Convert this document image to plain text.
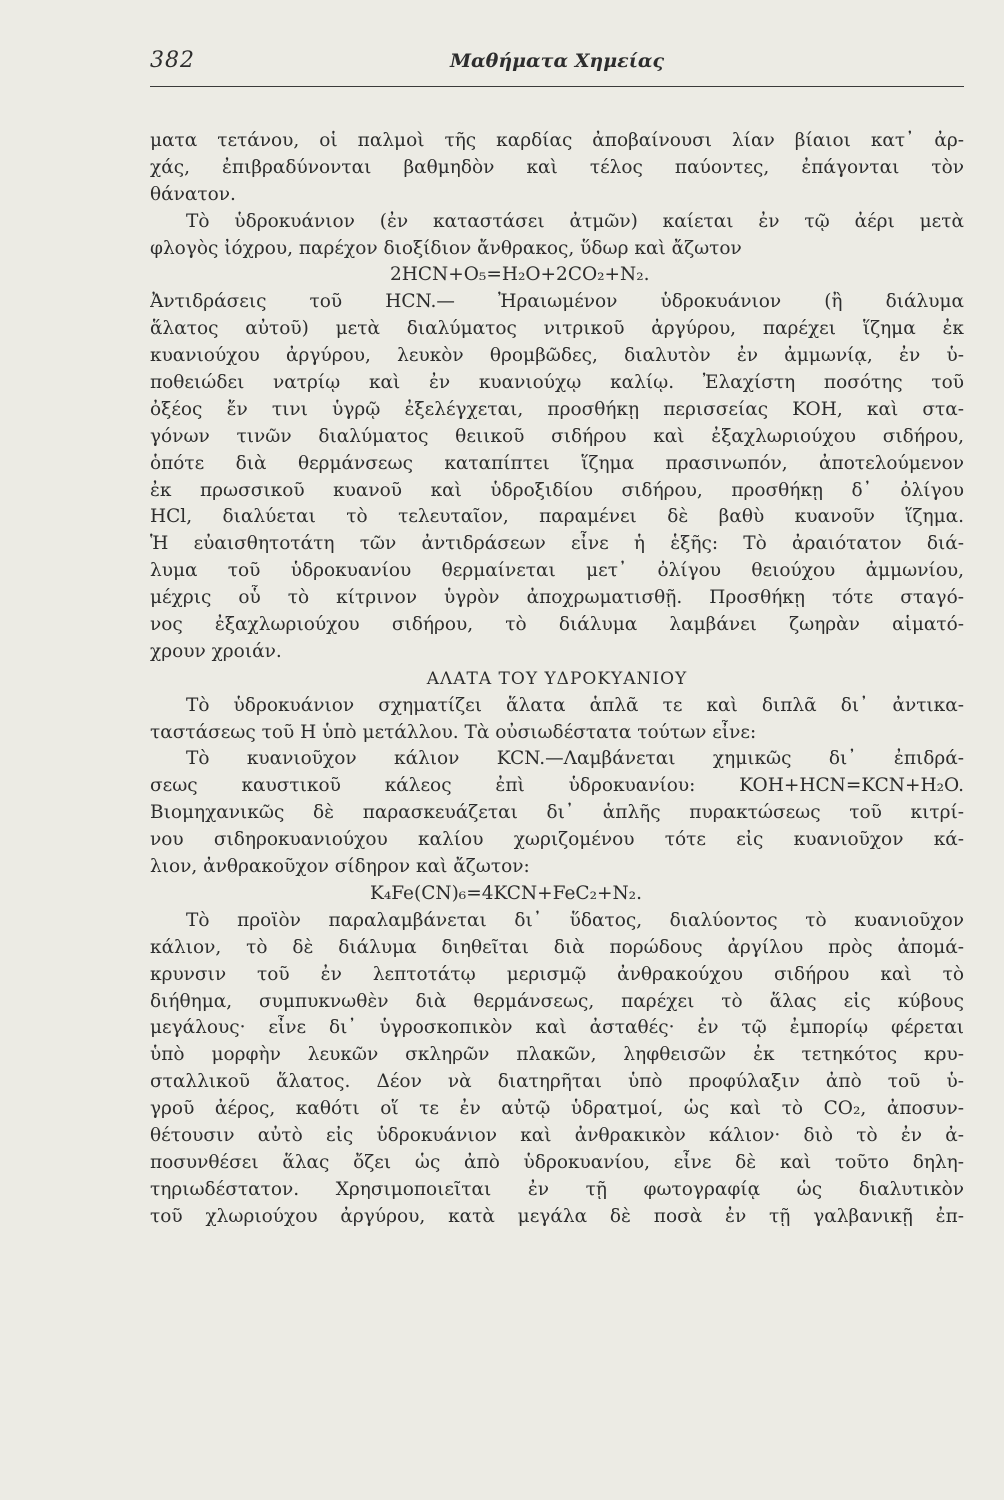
382	Μαθήματα Χημείας
ματα τετάνου, οἱ παλμοὶ τῆς καρδίας ἀποβαίνουσι λίαν βίαιοι κατ᾽ ἀρ-
χάς, ἐπιβραδύνονται βαθμηδὸν καὶ τέλος παύοντες, ἐπάγονται τὸν
θάνατον.
Τὸ ὑδροκυάνιον (ἐν καταστάσει ἀτμῶν) καίεται ἐν τῷ ἀέρι μετὰ
φλογὸς ἰόχρου, παρέχον διοξίδιον ἄνθρακος, ὕδωρ καὶ ἄζωτον
2HCN+O₅=H₂O+2CO₂+N₂.
Ἀντιδράσεις τοῦ HCN.— Ἠραιωμένον ὑδροκυάνιον (ἢ διάλυμα
ἅλατος αὐτοῦ) μετὰ διαλύματος νιτρικοῦ ἀργύρου, παρέχει ἵζημα ἐκ
κυανιούχου ἀργύρου, λευκὸν θρομβῶδες, διαλυτὸν ἐν ἀμμωνίᾳ, ἐν ὑ-
ποθειώδει νατρίῳ καὶ ἐν κυανιούχῳ καλίῳ. Ἐλαχίστη ποσότης τοῦ
ὀξέος ἔν τινι ὑγρῷ ἐξελέγχεται, προσθήκῃ περισσείας KOH, καὶ στα-
γόνων τινῶν διαλύματος θειικοῦ σιδήρου καὶ ἐξαχλωριούχου σιδήρου,
ὁπότε διὰ θερμάνσεως καταπίπτει ἵζημα πρασινωπόν, ἀποτελούμενον
ἐκ πρωσσικοῦ κυανοῦ καὶ ὑδροξιδίου σιδήρου, προσθήκῃ δ᾽ ὀλίγου
HCl, διαλύεται τὸ τελευταῖον, παραμένει δὲ βαθὺ κυανοῦν ἵζημα.
Ἡ εὐαισθητοτάτη τῶν ἀντιδράσεων εἶνε ἡ ἑξῆς: Τὸ ἀραιότατον διά-
λυμα τοῦ ὑδροκυανίου θερμαίνεται μετ᾽ ὀλίγου θειούχου ἀμμωνίου,
μέχρις οὗ τὸ κίτρινον ὑγρὸν ἀποχρωματισθῇ. Προσθήκῃ τότε σταγό-
νος ἐξαχλωριούχου σιδήρου, τὸ διάλυμα λαμβάνει ζωηρὰν αἱματό-
χρουν χροιάν.
ΑΛΑΤΑ ΤΟΥ ΥΔΡΟΚΥΑΝΙΟΥ
Τὸ ὑδροκυάνιον σχηματίζει ἅλατα ἁπλᾶ τε καὶ διπλᾶ δι᾽ ἀντικα-
ταστάσεως τοῦ H ὑπὸ μετάλλου. Τὰ οὐσιωδέστατα τούτων εἶνε:
Τὸ κυανιοῦχον κάλιον KCN.—Λαμβάνεται χημικῶς δι᾽ ἐπιδρά-
σεως καυστικοῦ κάλεος ἐπὶ ὑδροκυανίου: KOH+HCN=KCN+H₂O.
Βιομηχανικῶς δὲ παρασκευάζεται δι᾽ ἁπλῆς πυρακτώσεως τοῦ κιτρί-
νου σιδηροκυανιούχου καλίου χωριζομένου τότε εἰς κυανιοῦχον κά-
λιον, ἀνθρακοῦχον σίδηρον καὶ ἄζωτον:
K₄Fe(CN)₆=4KCN+FeC₂+N₂.
Τὸ προϊὸν παραλαμβάνεται δι᾽ ὕδατος, διαλύοντος τὸ κυανιοῦχον
κάλιον, τὸ δὲ διάλυμα διηθεῖται διὰ πορώδους ἀργίλου πρὸς ἀπομά-
κρυνσιν τοῦ ἐν λεπτοτάτῳ μερισμῷ ἀνθρακούχου σιδήρου καὶ τὸ
διήθημα, συμπυκνωθὲν διὰ θερμάνσεως, παρέχει τὸ ἅλας εἰς κύβους
μεγάλους· εἶνε δι᾽ ὑγροσκοπικὸν καὶ ἀσταθές· ἐν τῷ ἐμπορίῳ φέρεται
ὑπὸ μορφὴν λευκῶν σκληρῶν πλακῶν, ληφθεισῶν ἐκ τετηκότος κρυ-
σταλλικοῦ ἅλατος. Δέον νὰ διατηρῆται ὑπὸ προφύλαξιν ἀπὸ τοῦ ὑ-
γροῦ ἀέρος, καθότι οἵ τε ἐν αὐτῷ ὑδρατμοί, ὡς καὶ τὸ CO₂, ἀποσυν-
θέτουσιν αὐτὸ εἰς ὑδροκυάνιον καὶ ἀνθρακικὸν κάλιον· διὸ τὸ ἐν ἀ-
ποσυνθέσει ἅλας ὄζει ὡς ἀπὸ ὑδροκυανίου, εἶνε δὲ καὶ τοῦτο δηλη-
τηριωδέστατον. Χρησιμοποιεῖται ἐν τῇ φωτογραφίᾳ ὡς διαλυτικὸν
τοῦ χλωριούχου ἀργύρου, κατὰ μεγάλα δὲ ποσὰ ἐν τῇ γαλβανικῇ ἐπ-
